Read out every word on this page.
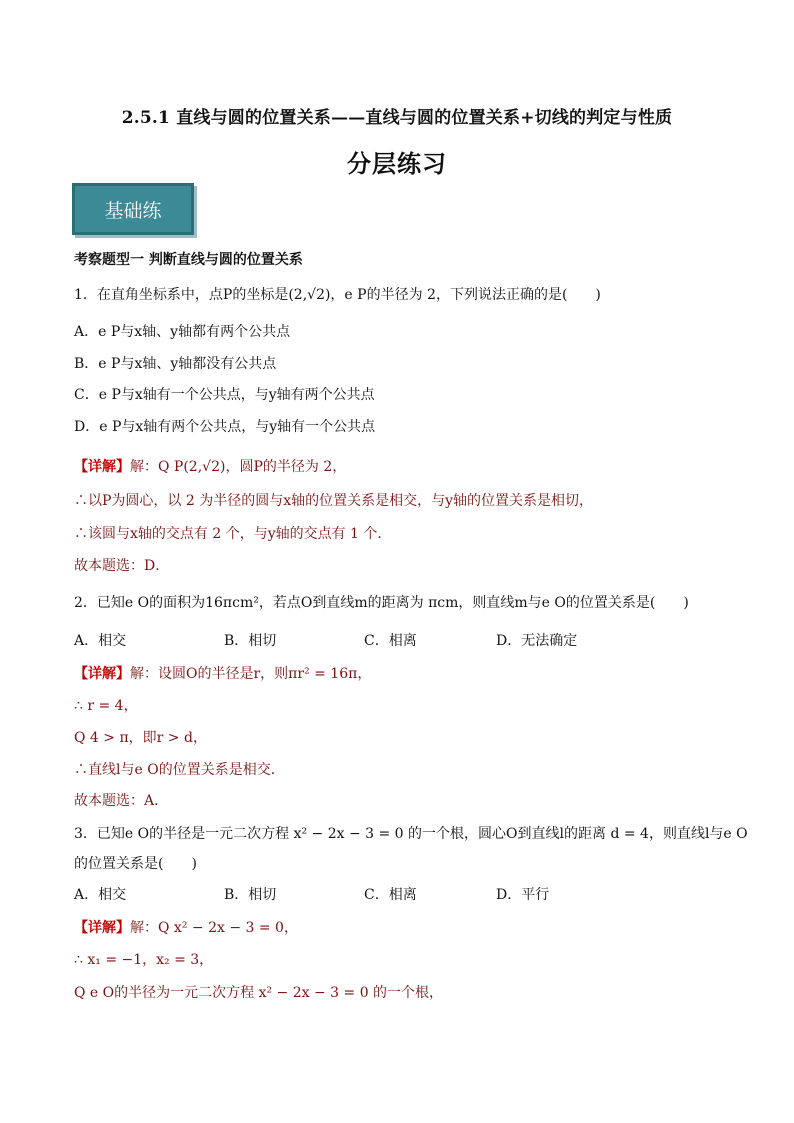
2.5.1 直线与圆的位置关系——直线与圆的位置关系+切线的判定与性质
分层练习
基础练
考察题型一 判断直线与圆的位置关系
1．在直角坐标系中，点P的坐标是(2,√2)，e P的半径为 2，下列说法正确的是(　　)
A．e P与x轴、y轴都有两个公共点
B．e P与x轴、y轴都没有公共点
C．e P与x轴有一个公共点，与y轴有两个公共点
D．e P与x轴有两个公共点，与y轴有一个公共点
【详解】解：Q P(2,√2)，圆P的半径为 2，
∴以P为圆心，以 2 为半径的圆与x轴的位置关系是相交，与y轴的位置关系是相切，
∴该圆与x轴的交点有 2 个，与y轴的交点有 1 个．
故本题选：D．
2．已知e O的面积为16πcm²，若点O到直线m的距离为 πcm，则直线m与e O的位置关系是(　　)
A．相交	B．相切	C．相离	D．无法确定
【详解】解：设圆O的半径是r，则πr² = 16π，
∴ r = 4，
Q 4 > π，即r > d，
∴直线l与e O的位置关系是相交．
故本题选：A．
3．已知e O的半径是一元二次方程 x² − 2x − 3 = 0 的一个根，圆心O到直线l的距离 d = 4，则直线l与e O
的位置关系是(　　)
A．相交	B．相切	C．相离	D．平行
【详解】解：Q x² − 2x − 3 = 0，
∴ x₁ = −1，x₂ = 3，
Q e O的半径为一元二次方程 x² − 2x − 3 = 0 的一个根，
